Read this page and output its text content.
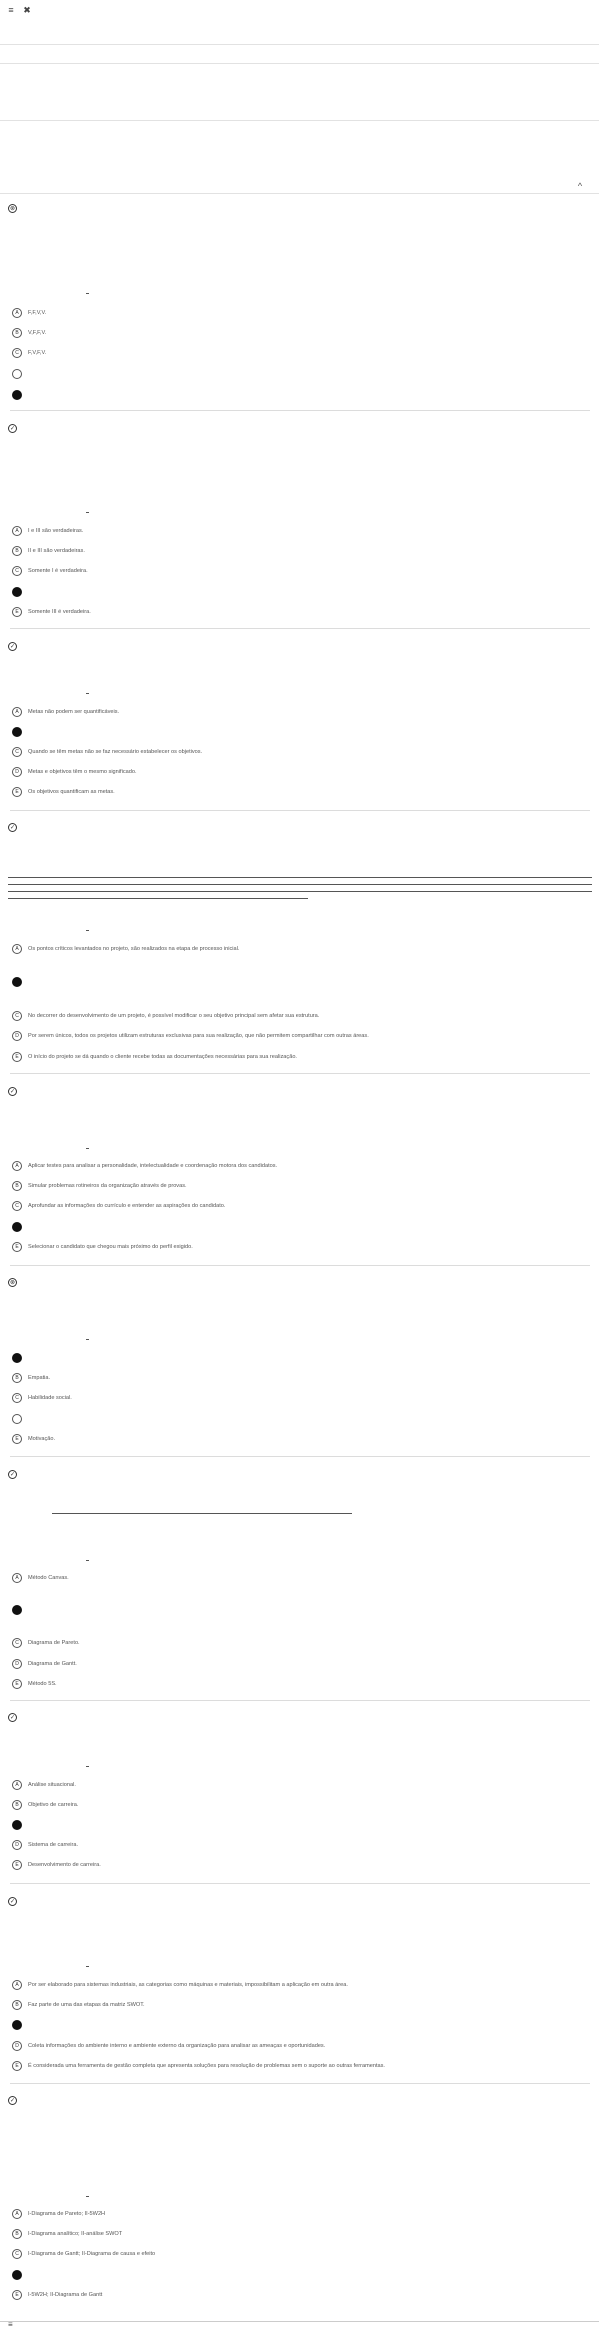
≡ ✖
^
⊗
A	F,F,V,V.
B	V,F,F,V.
C	F,V,F,V.
✓
A	I e III são verdadeiras.
B	II e III são verdadeiras.
C	Somente I é verdadeira.
E	Somente III é verdadeira.
✓
A	Metas não podem ser quantificáveis.
C	Quando se têm metas não se faz necessário estabelecer os objetivos.
D	Metas e objetivos têm o mesmo significado.
E	Os objetivos quantificam as metas.
✓
A	Os pontos críticos levantados no projeto, são realizados na etapa de processo inicial.
C	No decorrer do desenvolvimento de um projeto, é possível modificar o seu objetivo principal sem afetar sua estrutura.
D	Por serem únicos, todos os projetos utilizam estruturas exclusivas para sua realização, que não permitem compartilhar com outras áreas.
E	O início do projeto se dá quando o cliente recebe todas as documentações necessárias para sua realização.
✓
A	Aplicar testes para analisar a personalidade, intelectualidade e coordenação motora dos candidatos.
B	Simular problemas rotineiros da organização através de provas.
C	Aprofundar as informações do currículo e entender as aspirações do candidato.
E	Selecionar o candidato que chegou mais próximo do perfil exigido.
⊗
B	Empatia.
C	Habilidade social.
E	Motivação.
✓
A	Método Canvas.
C	Diagrama de Pareto.
D	Diagrama de Gantt.
E	Método 5S.
✓
A	Análise situacional.
B	Objetivo de carreira.
D	Sistema de carreira.
E	Desenvolvimento de carreira.
✓
A	Por ser elaborado para sistemas industriais, as categorias como máquinas e materiais, impossibilitam a aplicação em outra área.
B	Faz parte de uma das etapas da matriz SWOT.
D	Coleta informações do ambiente interno e ambiente externo da organização para analisar as ameaças e oportunidades.
E	É considerada uma ferramenta de gestão completa que apresenta soluções para resolução de problemas sem o suporte ao outras ferramentas.
✓
A	I-Diagrama de Pareto; II-5W2H
B	I-Diagrama analítico; II-análise SWOT
C	I-Diagrama de Gantt; II-Diagrama de causa e efeito
E	I-5W2H; II-Diagrama de Gantt
≡
